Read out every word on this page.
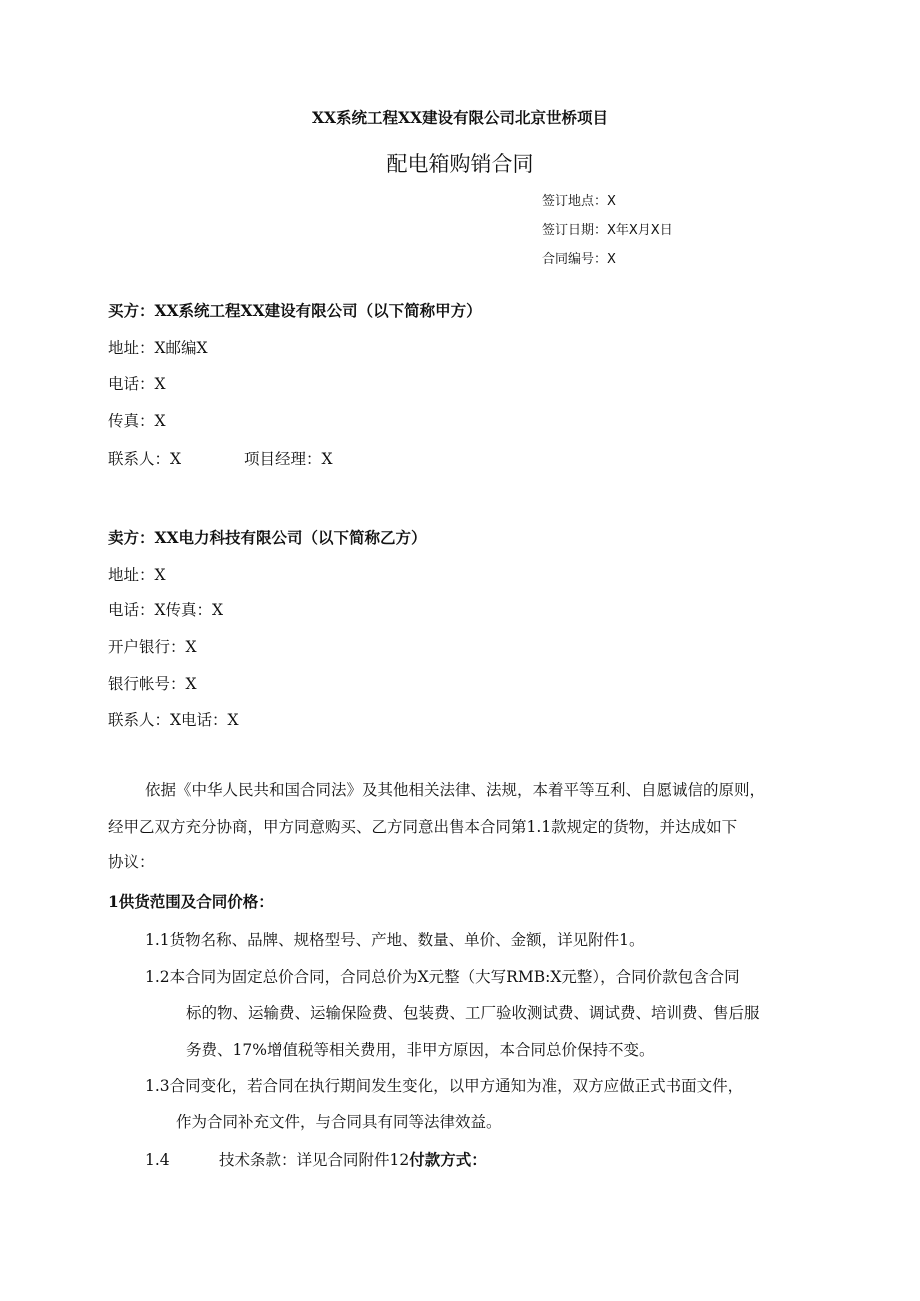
XX系统工程XX建设有限公司北京世桥项目
配电箱购销合同
签订地点：X
签订日期：X年X月X日
合同编号：X
买方：XX系统工程XX建设有限公司（以下简称甲方）
地址：X邮编X
电话：X
传真：X
联系人：X	项目经理：X
卖方：XX电力科技有限公司（以下简称乙方）
地址：X
电话：X传真：X
开户银行：X
银行帐号：X
联系人：X电话：X
依据《中华人民共和国合同法》及其他相关法律、法规，本着平等互利、自愿诚信的原则，
经甲乙双方充分协商，甲方同意购买、乙方同意出售本合同第1.1款规定的货物，并达成如下
协议：
1供货范围及合同价格：
1.1货物名称、品牌、规格型号、产地、数量、单价、金额，详见附件1。
1.2本合同为固定总价合同，合同总价为X元整（大写RMB:X元整），合同价款包含合同
标的物、运输费、运输保险费、包装费、工厂验收测试费、调试费、培训费、售后服
务费、17%增值税等相关费用，非甲方原因，本合同总价保持不变。
1.3合同变化，若合同在执行期间发生变化，以甲方通知为准，双方应做正式书面文件，
作为合同补充文件，与合同具有同等法律效益。
1.4	技术条款：详见合同附件12付款方式：
